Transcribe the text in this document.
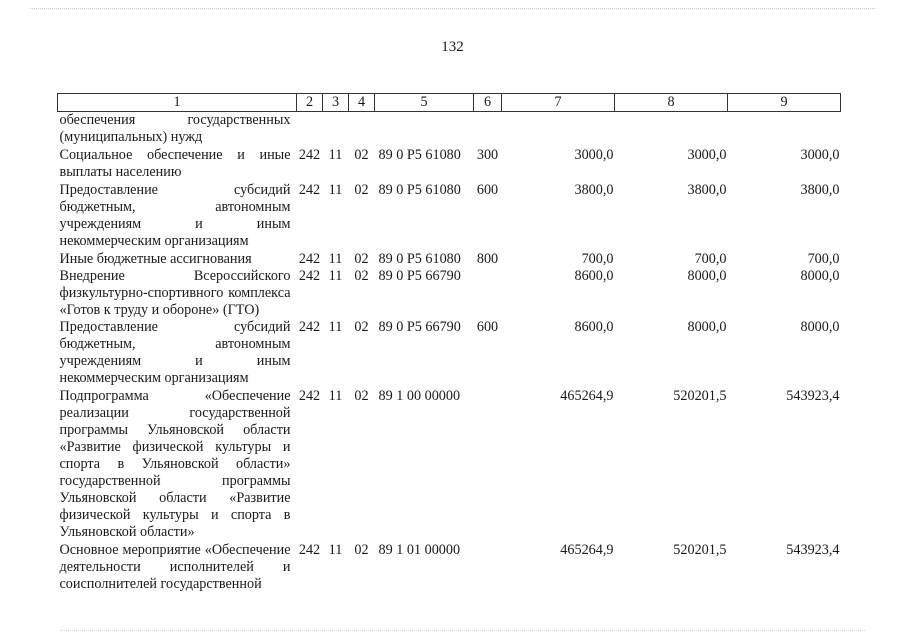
132
1	2	3	4	5	6	7	8	9
обеспечения государственных (муниципальных) нужд								
Социальное обеспечение и иные выплаты населению	242	11	02	89 0 P5 61080	300	3000,0	3000,0	3000,0
Предоставление субсидий бюджетным, автономным учреждениям и иным некоммерческим организациям	242	11	02	89 0 P5 61080	600	3800,0	3800,0	3800,0
Иные бюджетные ассигнования	242	11	02	89 0 P5 61080	800	700,0	700,0	700,0
Внедрение Всероссийского физкультурно-спортивного комплекса «Готов к труду и обороне» (ГТО)	242	11	02	89 0 P5 66790		8600,0	8000,0	8000,0
Предоставление субсидий бюджетным, автономным учреждениям и иным некоммерческим организациям	242	11	02	89 0 P5 66790	600	8600,0	8000,0	8000,0
Подпрограмма «Обеспечение реализации государственной программы Ульяновской области «Развитие физической культуры и спорта в Ульяновской области» государственной программы Ульяновской области «Развитие физической культуры и спорта в Ульяновской области»	242	11	02	89 1 00 00000		465264,9	520201,5	543923,4
Основное мероприятие «Обеспечение деятельности исполнителей и соисполнителей государственной	242	11	02	89 1 01 00000		465264,9	520201,5	543923,4
